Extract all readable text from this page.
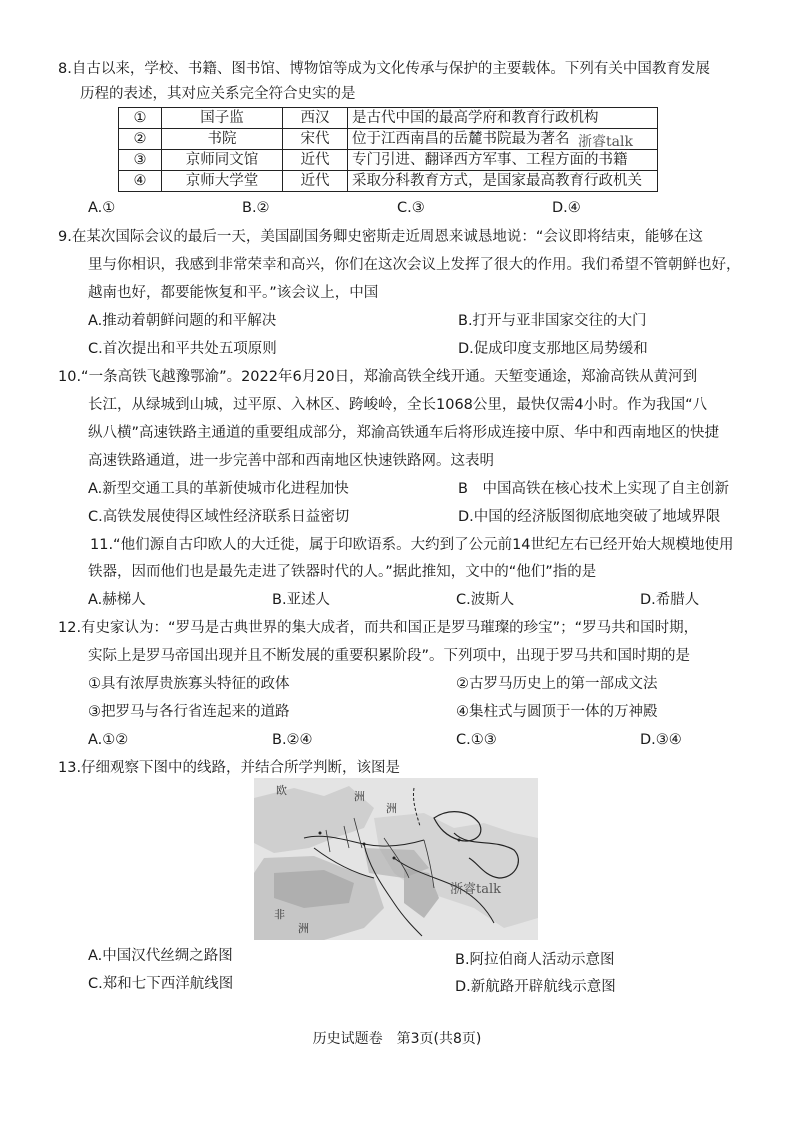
8.自古以来，学校、书籍、图书馆、博物馆等成为文化传承与保护的主要载体。下列有关中国教育发展
历程的表述，其对应关系完全符合史实的是
①	国子监	西汉	是古代中国的最高学府和教育行政机构
②	书院	宋代	位于江西南昌的岳麓书院最为著名
③	京师同文馆	近代	专门引进、翻译西方军事、工程方面的书籍
④	京师大学堂	近代	采取分科教育方式，是国家最高教育行政机关
浙睿talk
A.①	B.②	C.③	D.④
9.在某次国际会议的最后一天，美国副国务卿史密斯走近周恩来诚恳地说：“会议即将结束，能够在这
里与你相识，我感到非常荣幸和高兴，你们在这次会议上发挥了很大的作用。我们希望不管朝鲜也好，
越南也好，都要能恢复和平。”该会议上，中国
A.推动着朝鲜问题的和平解决	B.打开与亚非国家交往的大门
C.首次提出和平共处五项原则	D.促成印度支那地区局势缓和
10.“一条高铁飞越豫鄂渝”。2022年6月20日，郑渝高铁全线开通。天堑变通途，郑渝高铁从黄河到
长江，从绿城到山城，过平原、入林区、跨峻岭，全长1068公里，最快仅需4小时。作为我国“八
纵八横”高速铁路主通道的重要组成部分，郑渝高铁通车后将形成连接中原、华中和西南地区的快捷
高速铁路通道，进一步完善中部和西南地区快速铁路网。这表明
A.新型交通工具的革新使城市化进程加快	B　中国高铁在核心技术上实现了自主创新
C.高铁发展使得区域性经济联系日益密切	D.中国的经济版图彻底地突破了地域界限
11.“他们源自古印欧人的大迁徙，属于印欧语系。大约到了公元前14世纪左右已经开始大规模地使用
铁器，因而他们也是最先走进了铁器时代的人。”据此推知，文中的“他们”指的是
A.赫梯人	B.亚述人	C.波斯人	D.希腊人
12.有史家认为：“罗马是古典世界的集大成者，而共和国正是罗马璀璨的珍宝”；“罗马共和国时期，
实际上是罗马帝国出现并且不断发展的重要积累阶段”。下列项中，出现于罗马共和国时期的是
①具有浓厚贵族寡头特征的政体	②古罗马历史上的第一部成文法
③把罗马与各行省连起来的道路	④集柱式与圆顶于一体的万神殿
A.①②	B.②④	C.①③	D.③④
13.仔细观察下图中的线路，并结合所学判断，该图是
欧	洲
洲
非
洲
浙睿talk
A.中国汉代丝绸之路图	B.阿拉伯商人活动示意图
C.郑和七下西洋航线图	D.新航路开辟航线示意图
历史试题卷　第3页(共8页)
